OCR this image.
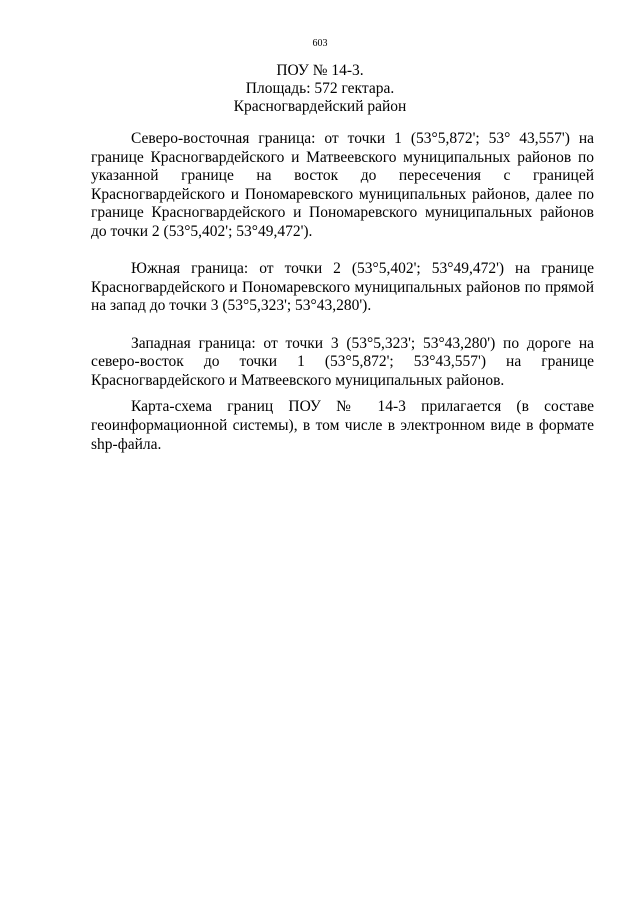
603
ПОУ № 14-3.
Площадь: 572 гектара.
Красногвардейский район

Северо-восточная граница: от точки 1 (53°5,872'; 53° 43,557') на границе Красногвардейского и Матвеевского муниципальных районов по указанной границе на восток до пересечения с границей Красногвардейского и Пономаревского муниципальных районов, далее по границе Красногвардейского и Пономаревского муниципальных районов до точки 2 (53°5,402'; 53°49,472').

Южная граница: от точки 2 (53°5,402'; 53°49,472') на границе Красногвардейского и Пономаревского муниципальных районов по прямой на запад до точки 3 (53°5,323'; 53°43,280').

Западная граница: от точки 3 (53°5,323'; 53°43,280') по дороге на северо-восток до точки 1 (53°5,872'; 53°43,557') на границе Красногвардейского и Матвеевского муниципальных районов.

Карта-схема границ ПОУ № 14-3 прилагается (в составе геоинформационной системы), в том числе в электронном виде в формате shp-файла.
